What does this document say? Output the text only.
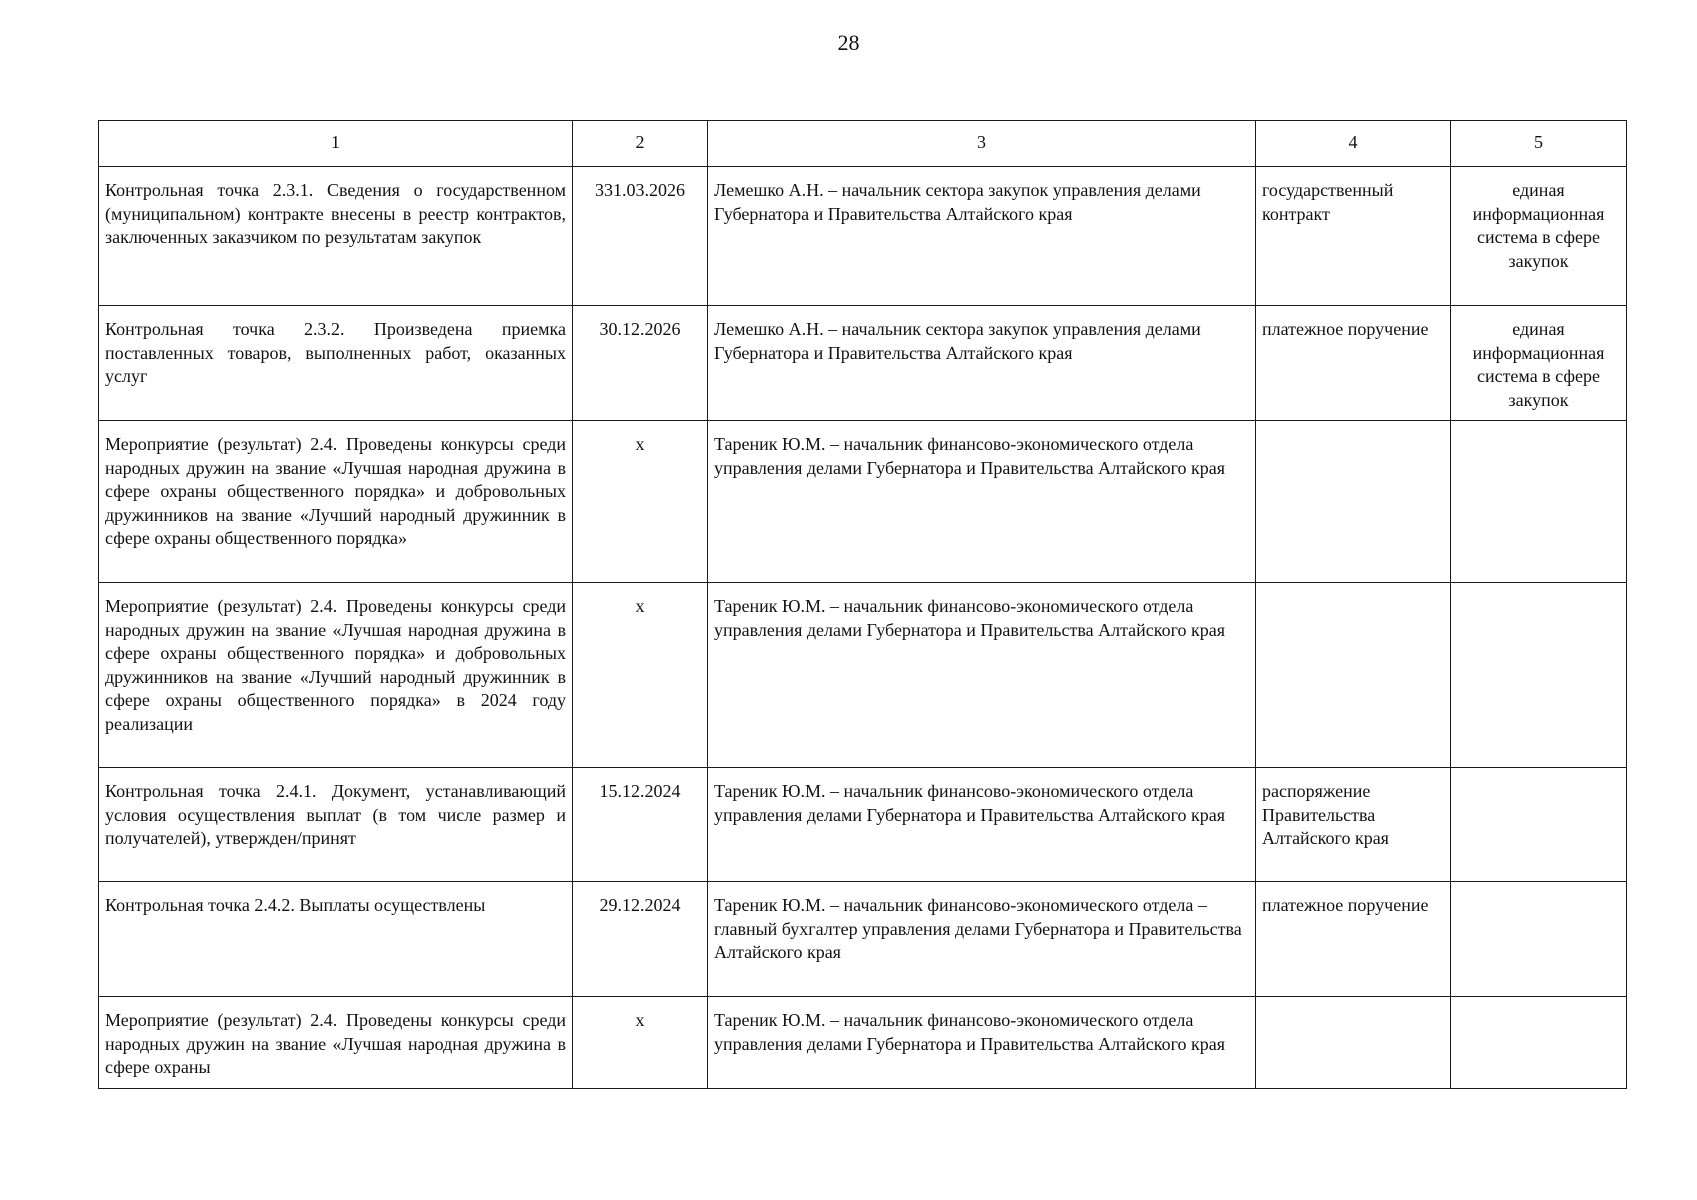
28
1	2	3	4	5
Контрольная точка 2.3.1. Сведения о государственном (муниципальном) контракте внесены в реестр контрактов, заключенных заказчиком по результатам закупок	331.03.2026	Лемешко А.Н. – начальник сектора закупок управления делами Губернатора и Правительства Алтайского края	государственный контракт	единая информационная система в сфере закупок
Контрольная точка 2.3.2. Произведена приемка поставленных товаров, выполненных работ, оказанных услуг	30.12.2026	Лемешко А.Н. – начальник сектора закупок управления делами Губернатора и Правительства Алтайского края	платежное поручение	единая информационная система в сфере закупок
Мероприятие (результат) 2.4. Проведены конкурсы среди народных дружин на звание «Лучшая народная дружина в сфере охраны общественного порядка» и добровольных дружинников на звание «Лучший народный дружинник в сфере охраны общественного порядка»	х	Тареник Ю.М. – начальник финансово-экономического отдела управления делами Губернатора и Правительства Алтайского края		
Мероприятие (результат) 2.4. Проведены конкурсы среди народных дружин на звание «Лучшая народная дружина в сфере охраны общественного порядка» и добровольных дружинников на звание «Лучший народный дружинник в сфере охраны общественного порядка» в 2024 году реализации	х	Тареник Ю.М. – начальник финансово-экономического отдела управления делами Губернатора и Правительства Алтайского края		
Контрольная точка 2.4.1. Документ, устанавливающий условия осуществления выплат (в том числе размер и получателей), утвержден/принят	15.12.2024	Тареник Ю.М. – начальник финансово-экономического отдела управления делами Губернатора и Правительства Алтайского края	распоряжение Правительства Алтайского края	
Контрольная точка 2.4.2. Выплаты осуществлены	29.12.2024	Тареник Ю.М. – начальник финансово-экономического отдела – главный бухгалтер управления делами Губернатора и Правительства Алтайского края	платежное поручение	
Мероприятие (результат) 2.4. Проведены конкурсы среди народных дружин на звание «Лучшая народная дружина в сфере охраны	х	Тареник Ю.М. – начальник финансово-экономического отдела управления делами Губернатора и Правительства Алтайского края		
